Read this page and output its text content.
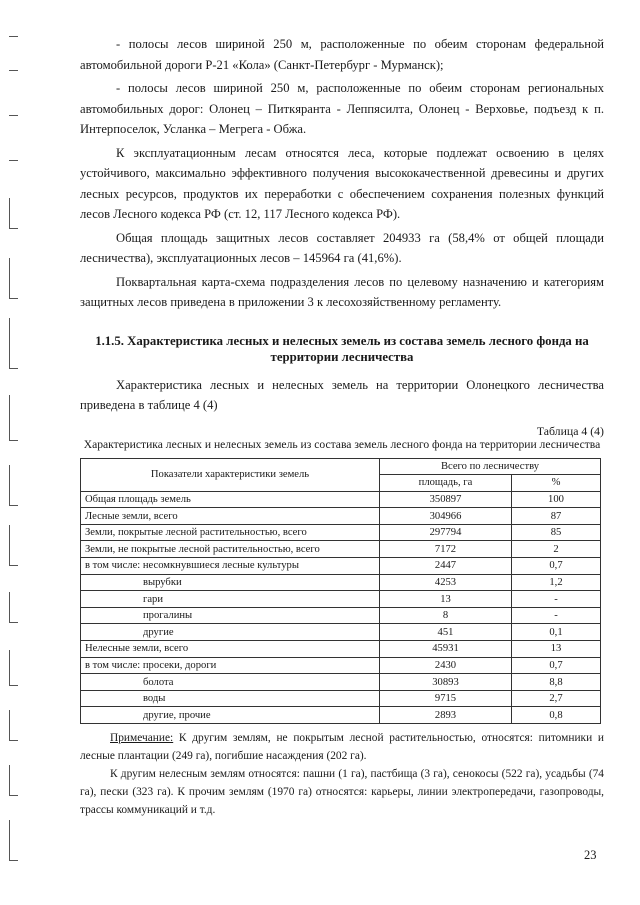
- полосы лесов шириной 250 м, расположенные по обеим сторонам федеральной автомобильной дороги Р-21 «Кола» (Санкт-Петербург - Мурманск);

- полосы лесов шириной 250 м, расположенные по обеим сторонам региональных автомобильных дорог: Олонец – Питкяранта - Леппясилта, Олонец - Верховье, подъезд к п. Интерпоселок, Усланка – Мегрега - Обжа.

К эксплуатационным лесам относятся леса, которые подлежат освоению в целях устойчивого, максимально эффективного получения высококачественной древесины и других лесных ресурсов, продуктов их переработки с обеспечением сохранения полезных функций лесов Лесного кодекса РФ (ст. 12, 117 Лесного кодекса РФ).

Общая площадь защитных лесов составляет 204933 га (58,4% от общей площади лесничества), эксплуатационных лесов – 145964 га (41,6%).

Поквартальная карта-схема подразделения лесов по целевому назначению и категориям защитных лесов приведена в приложении 3 к лесохозяйственному регламенту.

1.1.5. Характеристика лесных и нелесных земель из состава земель лесного фонда на территории лесничества

Характеристика лесных и нелесных земель на территории Олонецкого лесничества приведена в таблице 4 (4)

Таблица 4 (4)
Характеристика лесных и нелесных земель из состава земель лесного фонда на территории лесничества
Показатели характеристики земель	Всего по лесничеству	
	площадь, га	%
Общая площадь земель	350897	100
Лесные земли, всего	304966	87
Земли, покрытые лесной растительностью, всего	297794	85
Земли, не покрытые лесной растительностью, всего	7172	2
в том числе: несомкнувшиеся лесные культуры	2447	0,7
вырубки	4253	1,2
гари	13	-
прогалины	8	-
другие	451	0,1
Нелесные земли, всего	45931	13
в том числе: просеки, дороги	2430	0,7
болота	30893	8,8
воды	9715	2,7
другие, прочие	2893	0,8
Примечание: К другим землям, не покрытым лесной растительностью, относятся: питомники и лесные плантации (249 га), погибшие насаждения (202 га).
К другим нелесным землям относятся: пашни (1 га), пастбища (3 га), сенокосы (522 га), усадьбы (74 га), пески (323 га). К прочим землям (1970 га) относятся: карьеры, линии электропередачи, газопроводы, трассы коммуникаций и т.д.
23
